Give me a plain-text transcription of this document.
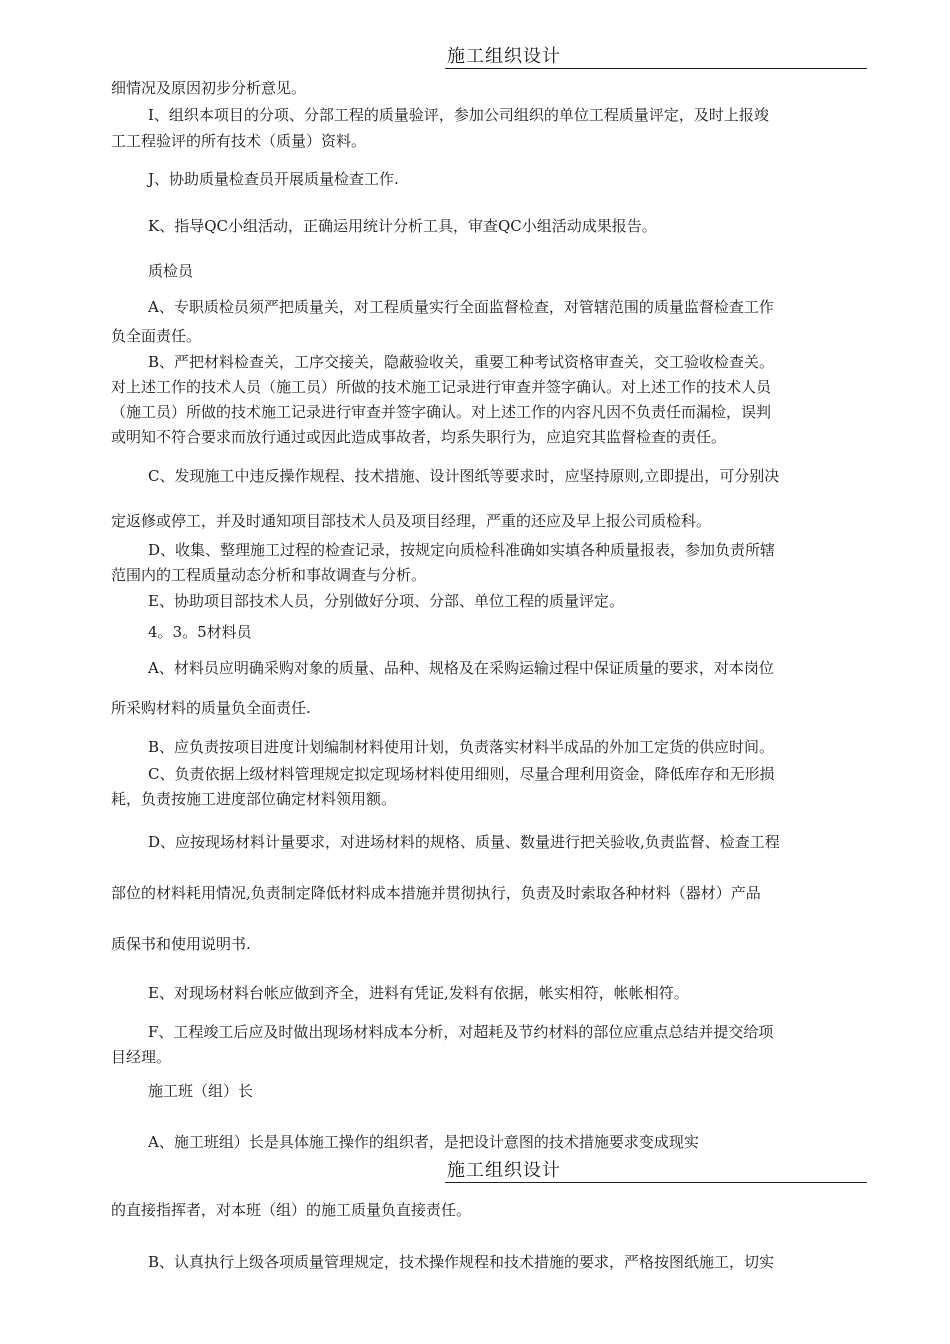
施工组织设计
细情况及原因初步分析意见。
I、组织本项目的分项、分部工程的质量验评，参加公司组织的单位工程质量评定，及时上报竣
工工程验评的所有技术（质量）资料。
J、协助质量检查员开展质量检查工作.
K、指导QC小组活动，正确运用统计分析工具，审查QC小组活动成果报告。
质检员
A、专职质检员须严把质量关，对工程质量实行全面监督检查，对管辖范围的质量监督检查工作
负全面责任。
B、严把材料检查关，工序交接关，隐蔽验收关，重要工种考试资格审查关，交工验收检查关。
对上述工作的技术人员（施工员）所做的技术施工记录进行审查并签字确认。对上述工作的技术人员
（施工员）所做的技术施工记录进行审查并签字确认。对上述工作的内容凡因不负责任而漏检，误判
或明知不符合要求而放行通过或因此造成事故者，均系失职行为，应追究其监督检查的责任。
C、发现施工中违反操作规程、技术措施、设计图纸等要求时，应坚持原则,立即提出，可分别决
定返修或停工，并及时通知项目部技术人员及项目经理，严重的还应及早上报公司质检科。
D、收集、整理施工过程的检查记录，按规定向质检科准确如实填各种质量报表，参加负责所辖
范围内的工程质量动态分析和事故调查与分析。
E、协助项目部技术人员，分别做好分项、分部、单位工程的质量评定。
4。3。5材料员
A、材料员应明确采购对象的质量、品种、规格及在采购运输过程中保证质量的要求，对本岗位
所采购材料的质量负全面责任.
B、应负责按项目进度计划编制材料使用计划，负责落实材料半成品的外加工定货的供应时间。
C、负责依据上级材料管理规定拟定现场材料使用细则，尽量合理利用资金，降低库存和无形损
耗，负责按施工进度部位确定材料领用额。
D、应按现场材料计量要求，对进场材料的规格、质量、数量进行把关验收,负责监督、检查工程
部位的材料耗用情况,负责制定降低材料成本措施并贯彻执行，负责及时索取各种材料（器材）产品
质保书和使用说明书.
E、对现场材料台帐应做到齐全，进料有凭证,发料有依据，帐实相符，帐帐相符。
F、工程竣工后应及时做出现场材料成本分析，对超耗及节约材料的部位应重点总结并提交给项
目经理。
施工班（组）长
A、施工班组）长是具体施工操作的组织者，是把设计意图的技术措施要求变成现实
施工组织设计
的直接指挥者，对本班（组）的施工质量负直接责任。
B、认真执行上级各项质量管理规定，技术操作规程和技术措施的要求，严格按图纸施工，切实
